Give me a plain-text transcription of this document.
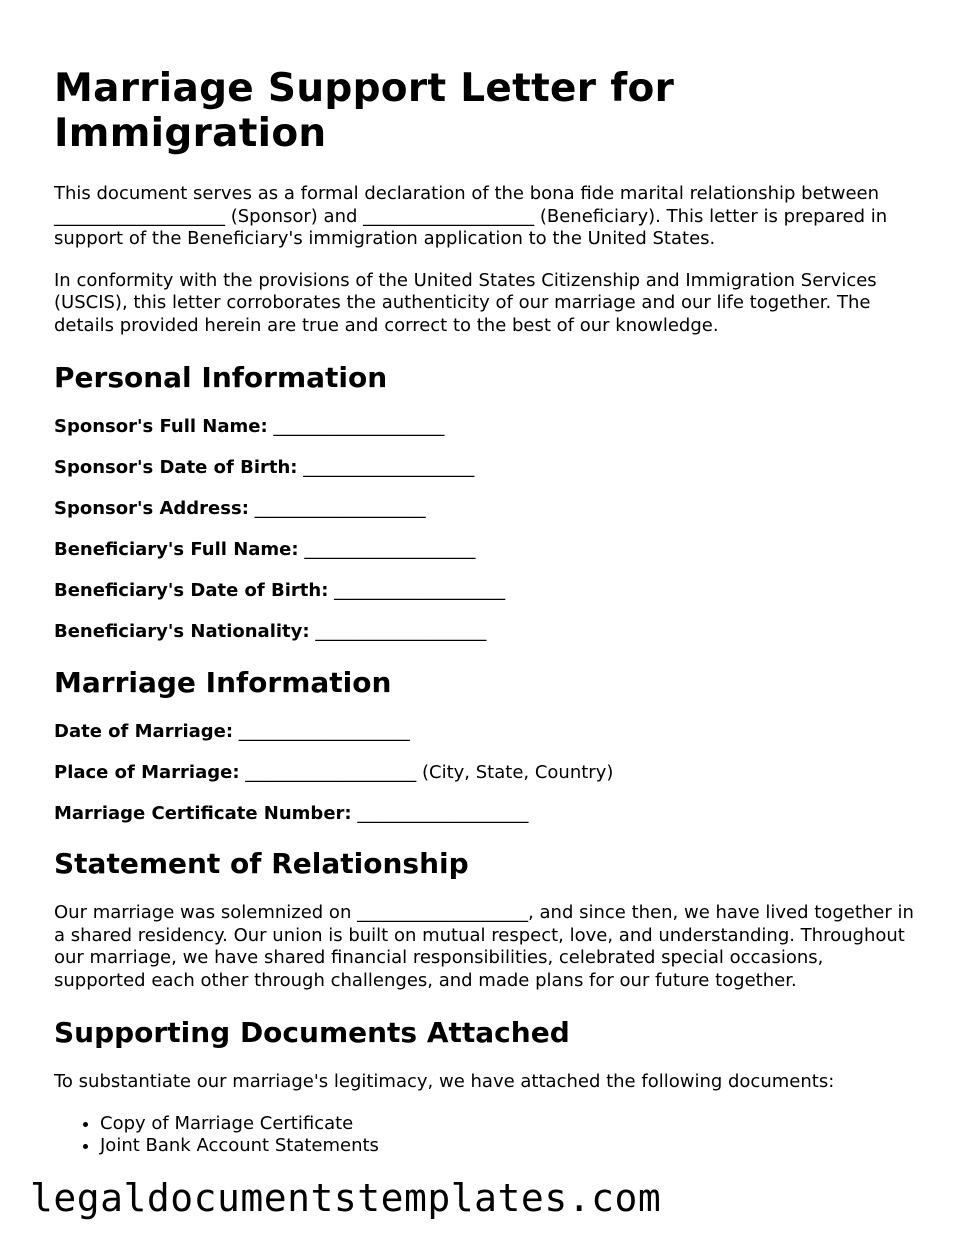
Marriage Support Letter for Immigration

This document serves as a formal declaration of the bona fide marital relationship between ___________________ (Sponsor) and ___________________ (Beneficiary). This letter is prepared in support of the Beneficiary's immigration application to the United States.

In conformity with the provisions of the United States Citizenship and Immigration Services (USCIS), this letter corroborates the authenticity of our marriage and our life together. The details provided herein are true and correct to the best of our knowledge.

Personal Information
Sponsor's Full Name: ___________________
Sponsor's Date of Birth: ___________________
Sponsor's Address: ___________________
Beneficiary's Full Name: ___________________
Beneficiary's Date of Birth: ___________________
Beneficiary's Nationality: ___________________
Marriage Information
Date of Marriage: ___________________
Place of Marriage: ___________________ (City, State, Country)
Marriage Certificate Number: ___________________
Statement of Relationship

Our marriage was solemnized on ___________________, and since then, we have lived together in a shared residency. Our union is built on mutual respect, love, and understanding. Throughout our marriage, we have shared financial responsibilities, celebrated special occasions, supported each other through challenges, and made plans for our future together.

Supporting Documents Attached

To substantiate our marriage's legitimacy, we have attached the following documents:

• Copy of Marriage Certificate
• Joint Bank Account Statements
legaldocumentstemplates.com
